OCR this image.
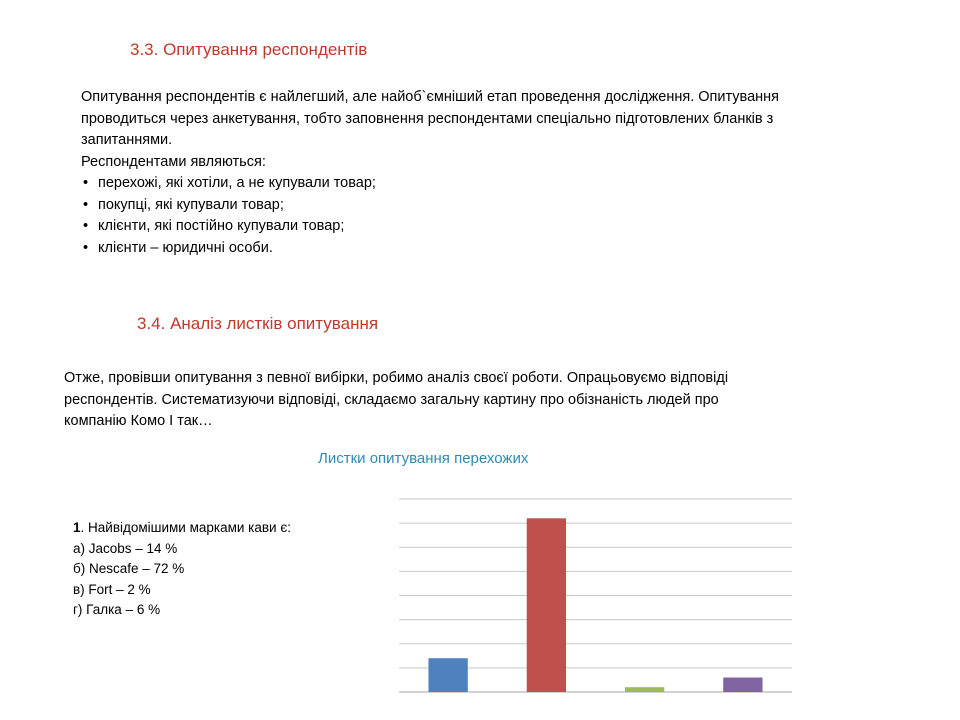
3.3. Опитування респондентів
Опитування респондентів є найлегший, але найоб`ємніший етап проведення дослідження. Опитування
проводиться через анкетування, тобто заповнення респондентами спеціально підготовлених бланків з
запитаннями.
Респондентами являються:
• перехожі, які хотіли, а не купували товар;
• покупці, які купували товар;
• клієнти, які постійно купували товар;
• клієнти – юридичні особи.
3.4. Аналіз листків опитування
Отже, провівши опитування з певної вибірки, робимо аналіз своєї роботи. Опрацьовуємо відповіді
респондентів. Систематизуючи відповіді, складаємо загальну картину про обізнаність людей про
компанію Комо І так…
Листки опитування перехожих
1. Найвідомішими марками кави є:
а) Jacobs – 14 %
б) Nescafe – 72 %
в) Fort – 2 %
г) Галка – 6 %
